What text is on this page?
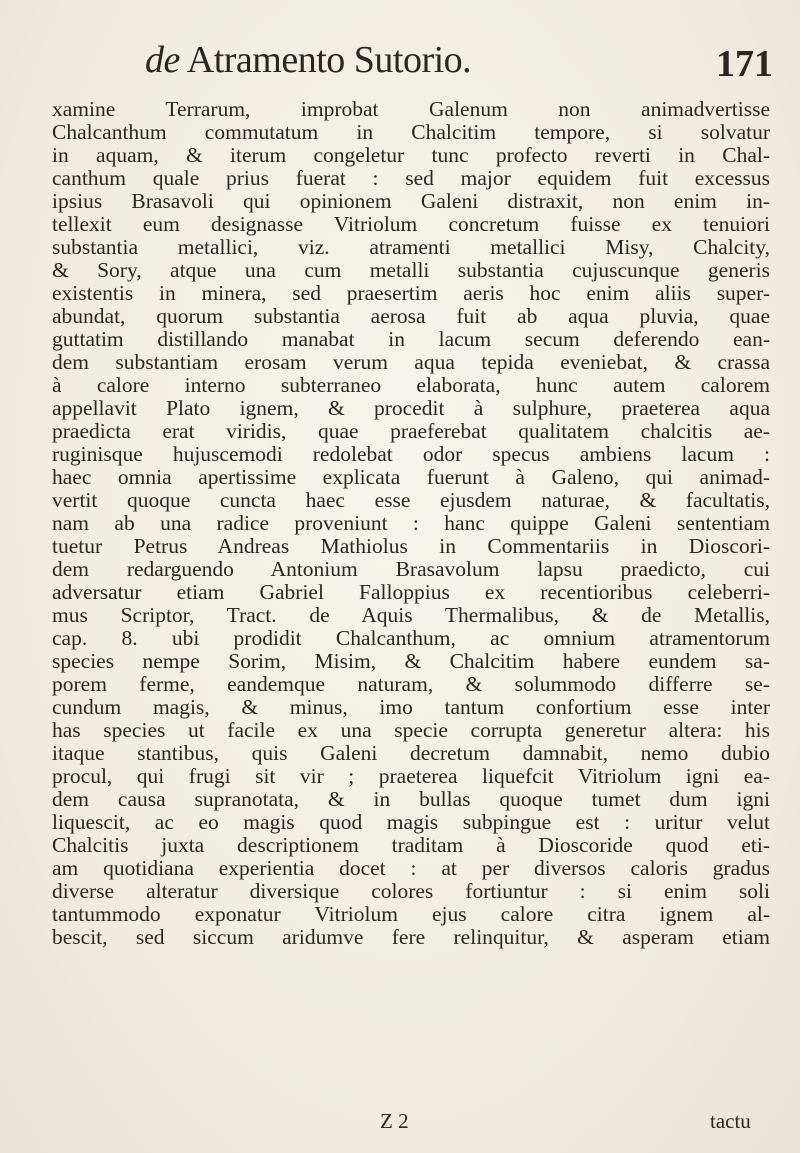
de Atramento Sutorio.	171
xamine Terrarum, improbat Galenum non animadvertisse
Chalcanthum commutatum in Chalcitim tempore, si solvatur
in aquam, & iterum congeletur tunc profecto reverti in Chal-
canthum quale prius fuerat : sed major equidem fuit excessus
ipsius Brasavoli qui opinionem Galeni distraxit, non enim in-
tellexit eum designasse Vitriolum concretum fuisse ex tenuiori
substantia metallici, viz. atramenti metallici Misy, Chalcity,
& Sory, atque una cum metalli substantia cujuscunque generis
existentis in minera, sed praesertim aeris hoc enim aliis super-
abundat, quorum substantia aerosa fuit ab aqua pluvia, quae
guttatim distillando manabat in lacum secum deferendo ean-
dem substantiam erosam verum aqua tepida eveniebat, & crassa
à calore interno subterraneo elaborata, hunc autem calorem
appellavit Plato ignem, & procedit à sulphure, praeterea aqua
praedicta erat viridis, quae praeferebat qualitatem chalcitis ae-
ruginisque hujuscemodi redolebat odor specus ambiens lacum :
haec omnia apertissime explicata fuerunt à Galeno, qui animad-
vertit quoque cuncta haec esse ejusdem naturae, & facultatis,
nam ab una radice proveniunt : hanc quippe Galeni sententiam
tuetur Petrus Andreas Mathiolus in Commentariis in Dioscori-
dem redarguendo Antonium Brasavolum lapsu praedicto, cui
adversatur etiam Gabriel Falloppius ex recentioribus celeberri-
mus Scriptor, Tract. de Aquis Thermalibus, & de Metallis,
cap. 8. ubi prodidit Chalcanthum, ac omnium atramentorum
species nempe Sorim, Misim, & Chalcitim habere eundem sa-
porem ferme, eandemque naturam, & solummodo differre se-
cundum magis, & minus, imo tantum confortium esse inter
has species ut facile ex una specie corrupta generetur altera: his
itaque stantibus, quis Galeni decretum damnabit, nemo dubio
procul, qui frugi sit vir ; praeterea liquefcit Vitriolum igni ea-
dem causa supranotata, & in bullas quoque tumet dum igni
liquescit, ac eo magis quod magis subpingue est : uritur velut
Chalcitis juxta descriptionem traditam à Dioscoride quod eti-
am quotidiana experientia docet : at per diversos caloris gradus
diverse alteratur diversique colores fortiuntur : si enim soli
tantummodo exponatur Vitriolum ejus calore citra ignem al-
bescit, sed siccum aridumve fere relinquitur, & asperam etiam
Z 2	tactu
